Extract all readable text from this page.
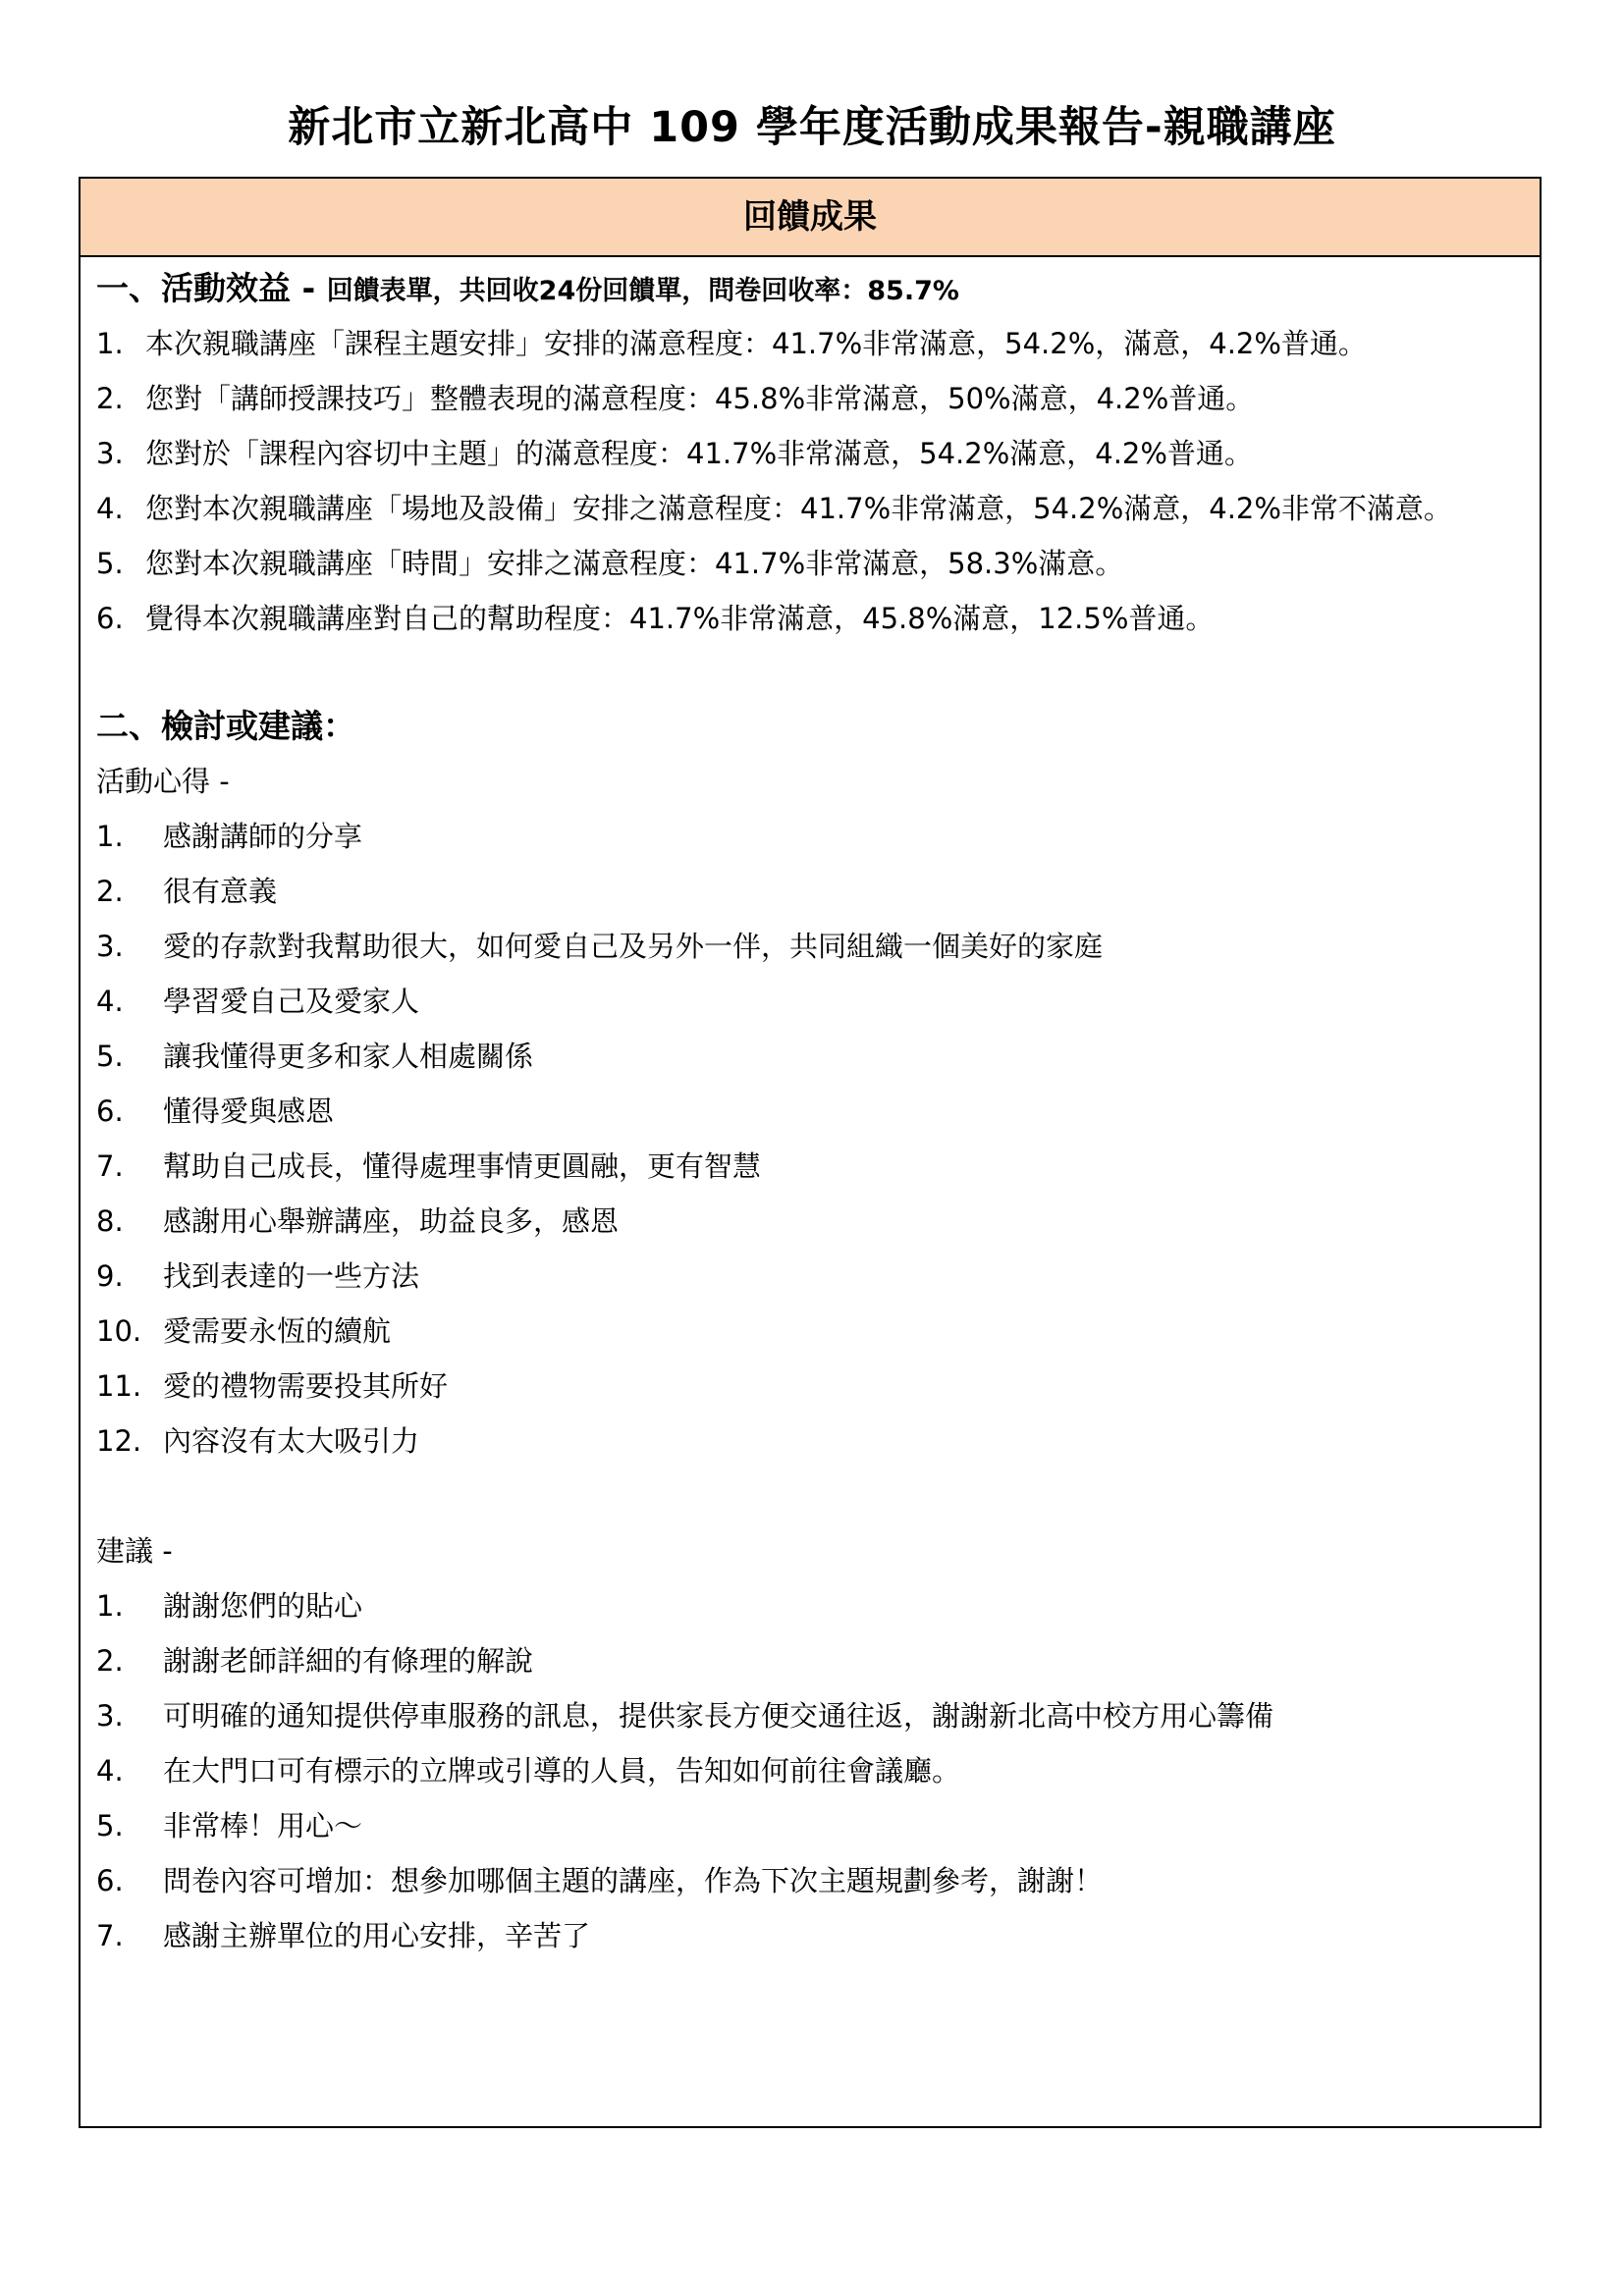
新北市立新北高中 109 學年度活動成果報告-親職講座
回饋成果
一、活動效益 - 回饋表單，共回收24份回饋單，問卷回收率：85.7%
1. 本次親職講座「課程主題安排」安排的滿意程度：41.7%非常滿意，54.2%，滿意，4.2%普通。
2. 您對「講師授課技巧」整體表現的滿意程度：45.8%非常滿意，50%滿意，4.2%普通。
3. 您對於「課程內容切中主題」的滿意程度：41.7%非常滿意，54.2%滿意，4.2%普通。
4. 您對本次親職講座「場地及設備」安排之滿意程度：41.7%非常滿意，54.2%滿意，4.2%非常不滿意。
5. 您對本次親職講座「時間」安排之滿意程度：41.7%非常滿意，58.3%滿意。
6. 覺得本次親職講座對自己的幫助程度：41.7%非常滿意，45.8%滿意，12.5%普通。
二、檢討或建議：
活動心得 -
1. 感謝講師的分享
2. 很有意義
3. 愛的存款對我幫助很大，如何愛自己及另外一伴，共同組織一個美好的家庭
4. 學習愛自己及愛家人
5. 讓我懂得更多和家人相處關係
6. 懂得愛與感恩
7. 幫助自己成長，懂得處理事情更圓融，更有智慧
8. 感謝用心舉辦講座，助益良多，感恩
9. 找到表達的一些方法
10. 愛需要永恆的續航
11. 愛的禮物需要投其所好
12. 內容沒有太大吸引力
建議 -
1. 謝謝您們的貼心
2. 謝謝老師詳細的有條理的解說
3. 可明確的通知提供停車服務的訊息，提供家長方便交通往返，謝謝新北高中校方用心籌備
4. 在大門口可有標示的立牌或引導的人員，告知如何前往會議廳。
5. 非常棒！用心～
6. 問卷內容可增加：想參加哪個主題的講座，作為下次主題規劃參考，謝謝！
7. 感謝主辦單位的用心安排，辛苦了
